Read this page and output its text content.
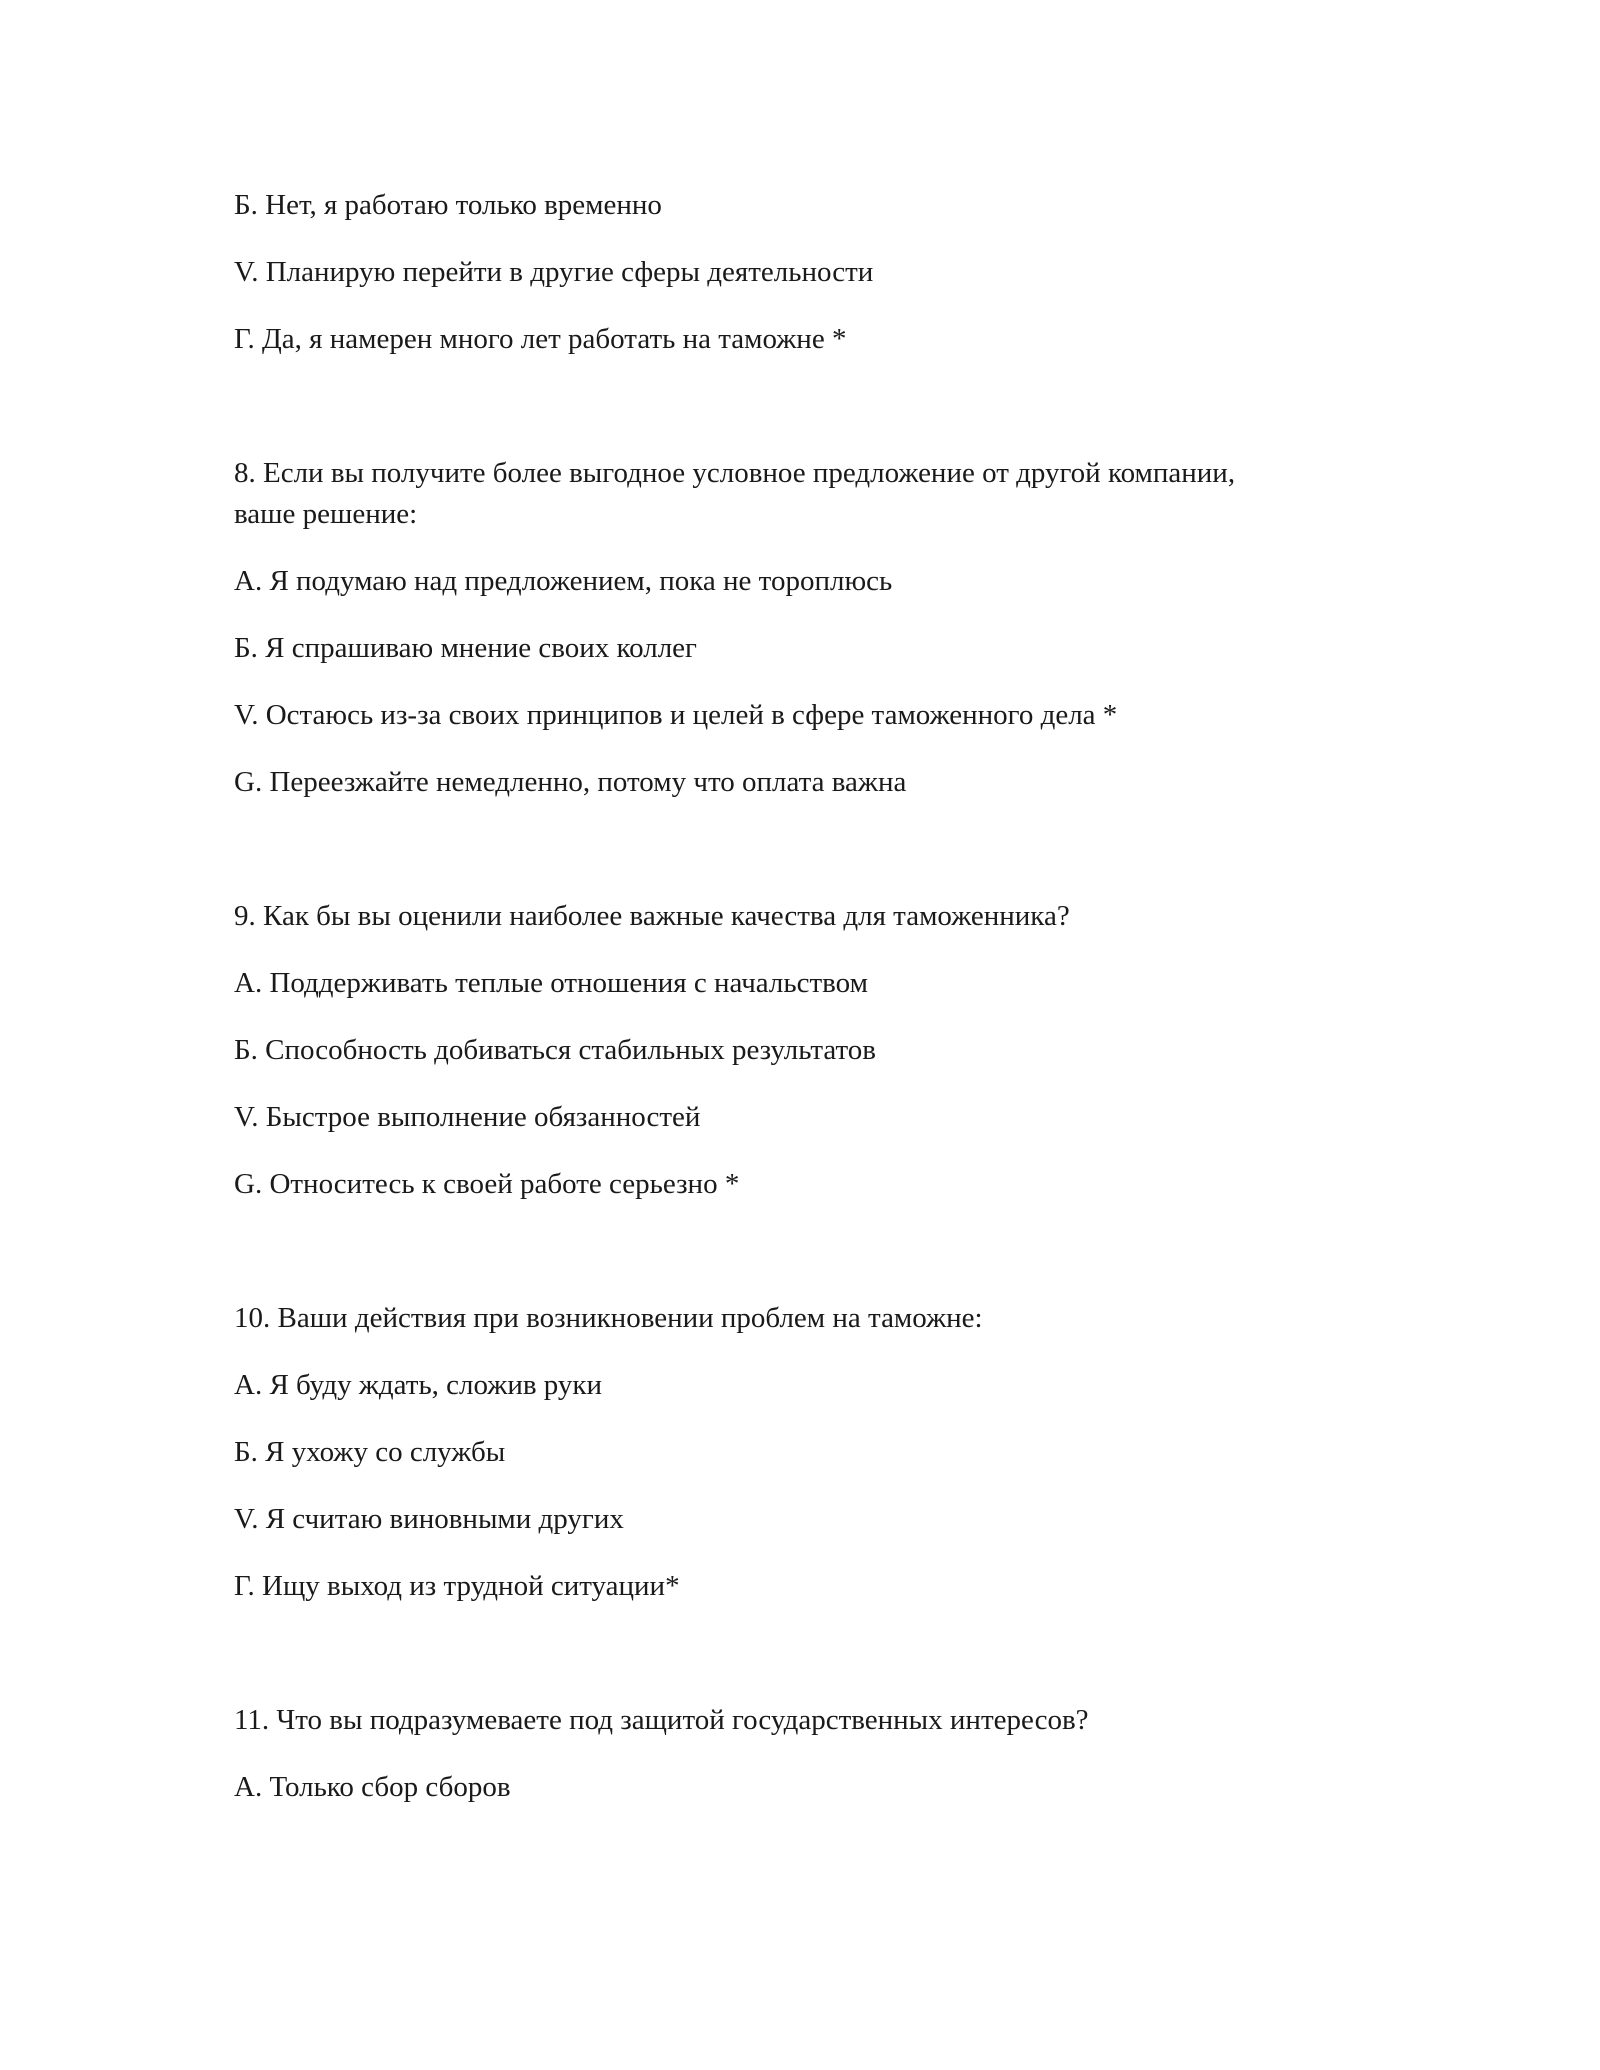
Б. Нет, я работаю только временно

V. Планирую перейти в другие сферы деятельности

Г. Да, я намерен много лет работать на таможне *

8. Если вы получите более выгодное условное предложение от другой компании,

ваше решение:

А. Я подумаю над предложением, пока не тороплюсь

Б. Я спрашиваю мнение своих коллег

V. Остаюсь из-за своих принципов и целей в сфере таможенного дела *

G. Переезжайте немедленно, потому что оплата важна

9. Как бы вы оценили наиболее важные качества для таможенника?

А. Поддерживать теплые отношения с начальством

Б. Способность добиваться стабильных результатов

V. Быстрое выполнение обязанностей

G. Относитесь к своей работе серьезно *

10. Ваши действия при возникновении проблем на таможне:

А. Я буду ждать, сложив руки

Б. Я ухожу со службы

V. Я считаю виновными других

Г. Ищу выход из трудной ситуации*

11. Что вы подразумеваете под защитой государственных интересов?

А. Только сбор сборов
